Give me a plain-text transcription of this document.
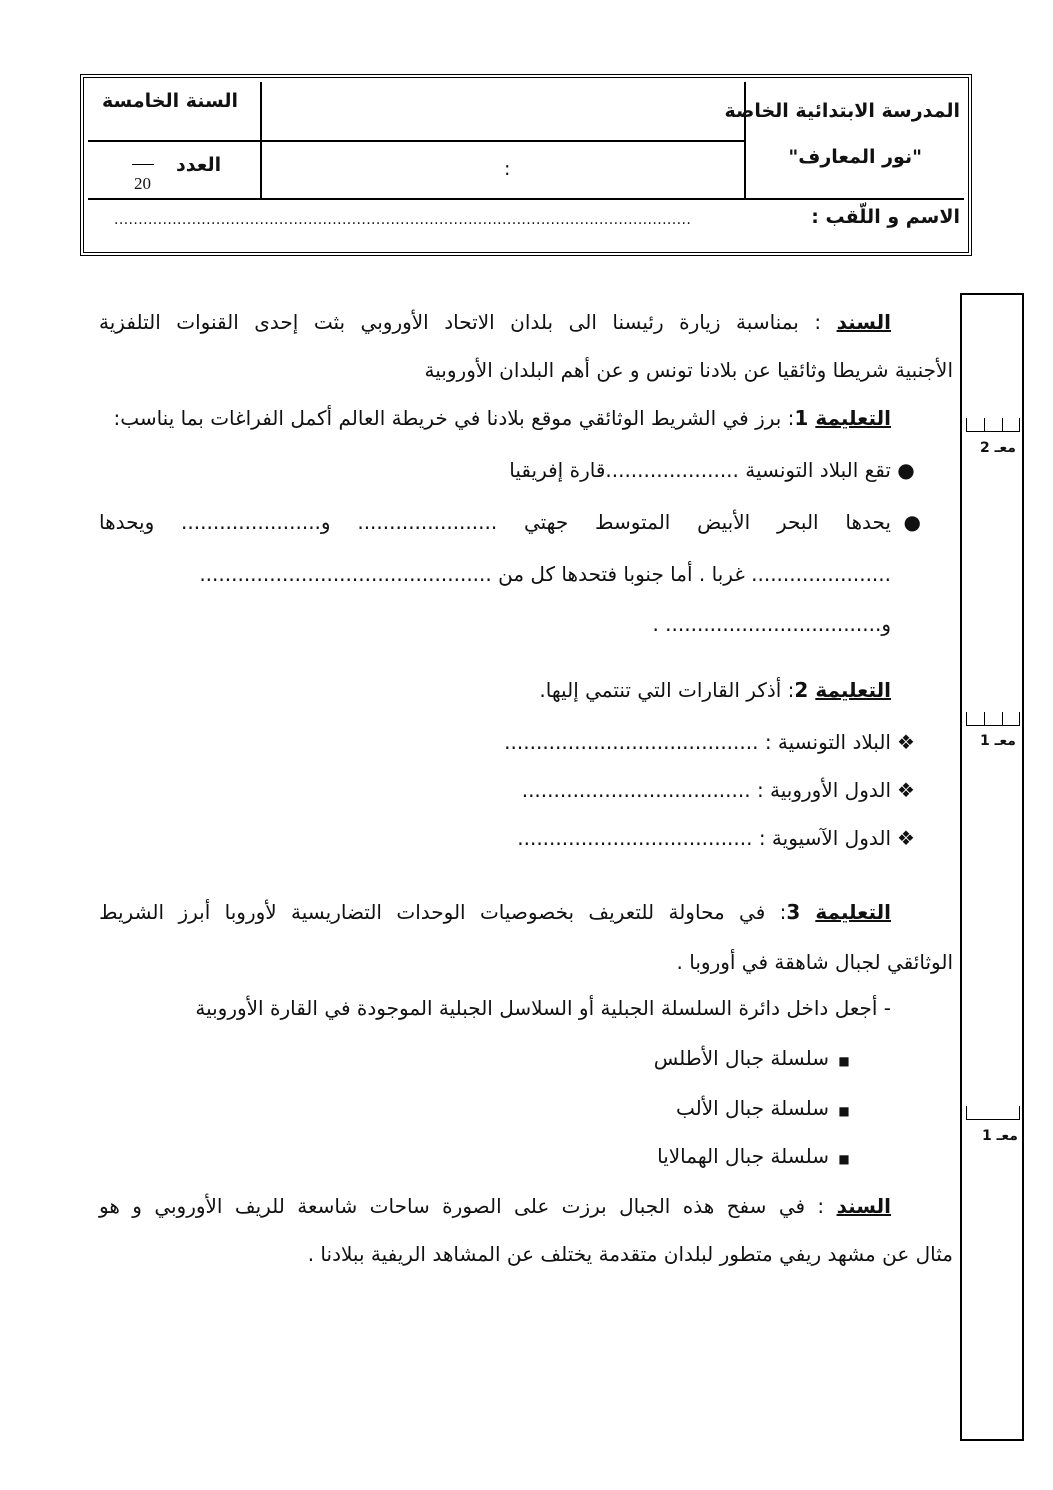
المدرسة الابتدائية الخاصة
"نور المعارف"
:
السنة الخامسة
العدد
20
الاسم و اللّقب :
.......................................................................................................................
معـ 2
معـ 1
معـ 1
السند : بمناسبة زيارة رئيسنا الى بلدان الاتحاد الأوروبي بثت إحدى القنوات التلفزية
الأجنبية شريطا وثائقيا عن بلادنا تونس و عن أهم البلدان الأوروبية
التعليمة 1: برز في الشريط الوثائقي موقع بلادنا في خريطة العالم أكمل الفراغات بما يناسب:
●تقع البلاد التونسية .....................قارة إفريقيا
●يحدها البحر الأبيض المتوسط جهتي ...................... و...................... ويحدها
...................... غربا . أما جنوبا فتحدها كل من ..............................................
و.................................. .
التعليمة 2: أذكر القارات التي تنتمي إليها.
❖البلاد التونسية : ........................................
❖الدول الأوروبية : ....................................
❖الدول الآسيوية : .....................................
التعليمة 3: في محاولة للتعريف بخصوصيات الوحدات التضاريسية لأوروبا أبرز الشريط
الوثائقي لجبال شاهقة في أوروبا .
- أجعل داخل دائرة السلسلة الجبلية أو السلاسل الجبلية الموجودة في القارة الأوروبية
■سلسلة جبال الأطلس
■سلسلة جبال الألب
■سلسلة جبال الهمالايا
السند : في سفح هذه الجبال برزت على الصورة ساحات شاسعة للريف الأوروبي و هو
مثال عن مشهد ريفي متطور لبلدان متقدمة يختلف عن المشاهد الريفية ببلادنا .
